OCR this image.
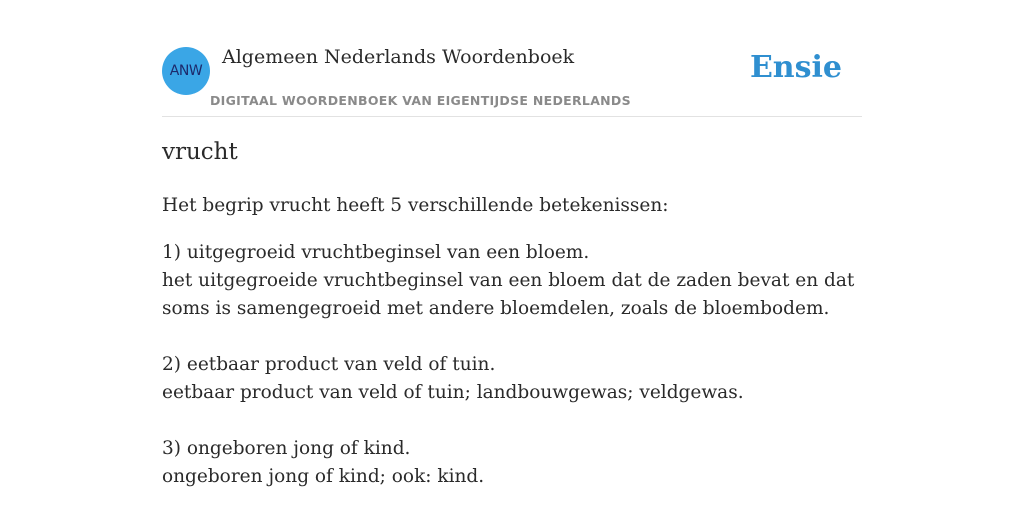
ANW
Algemeen Nederlands Woordenboek
DIGITAAL WOORDENBOEK VAN EIGENTIJDSE NEDERLANDS
Ensie
vrucht

Het begrip vrucht heeft 5 verschillende betekenissen:

1) uitgegroeid vruchtbeginsel van een bloem.
het uitgegroeide vruchtbeginsel van een bloem dat de zaden bevat en dat soms is samengegroeid met andere bloemdelen, zoals de bloembodem.
2) eetbaar product van veld of tuin.
eetbaar product van veld of tuin; landbouwgewas; veldgewas.
3) ongeboren jong of kind.
ongeboren jong of kind; ook: kind.
